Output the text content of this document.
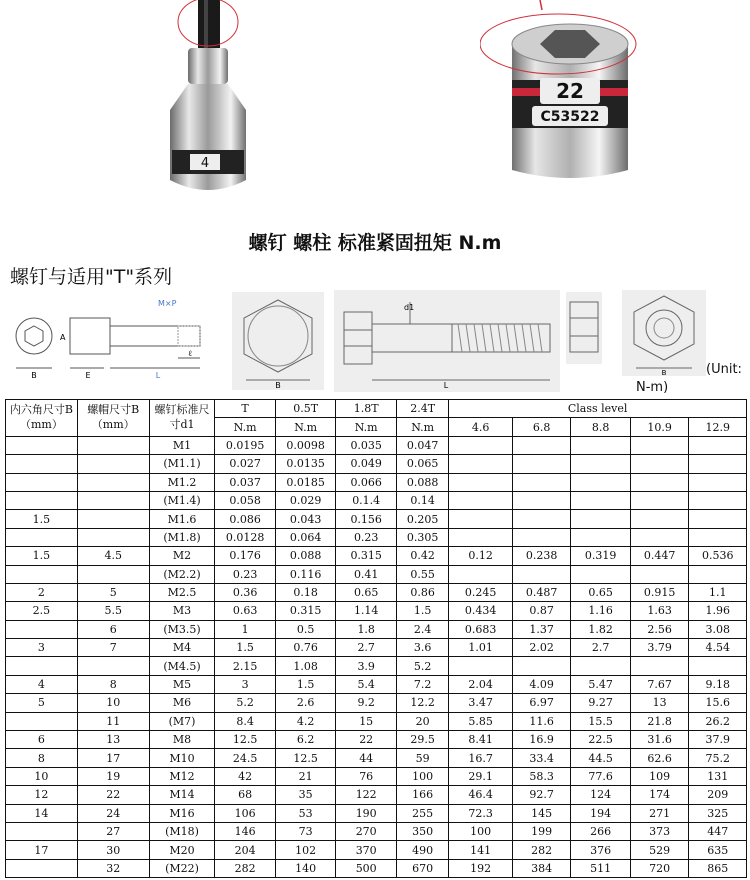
4
22
C53522
螺钉 螺柱 标准紧固扭矩 N.m
螺钉与适用"T"系列
B
A
M×P
E	L
ℓ
B
d1
L
B	(Unit:
N-m)
内六角尺寸B（mm）	螺帽尺寸B（mm）	螺钉标准尺寸d1	T	0.5T	1.8T	2.4T	Class level				
			N.m	N.m	N.m	N.m	4.6	6.8	8.8	10.9	12.9
		M1	0.0195	0.0098	0.035	0.047					
		(M1.1)	0.027	0.0135	0.049	0.065					
		M1.2	0.037	0.0185	0.066	0.088					
		(M1.4)	0.058	0.029	0.1.4	0.14					
1.5		M1.6	0.086	0.043	0.156	0.205					
		(M1.8)	0.0128	0.064	0.23	0.305					
1.5	4.5	M2	0.176	0.088	0.315	0.42	0.12	0.238	0.319	0.447	0.536
		(M2.2)	0.23	0.116	0.41	0.55					
2	5	M2.5	0.36	0.18	0.65	0.86	0.245	0.487	0.65	0.915	1.1
2.5	5.5	M3	0.63	0.315	1.14	1.5	0.434	0.87	1.16	1.63	1.96
	6	(M3.5)	1	0.5	1.8	2.4	0.683	1.37	1.82	2.56	3.08
3	7	M4	1.5	0.76	2.7	3.6	1.01	2.02	2.7	3.79	4.54
		(M4.5)	2.15	1.08	3.9	5.2					
4	8	M5	3	1.5	5.4	7.2	2.04	4.09	5.47	7.67	9.18
5	10	M6	5.2	2.6	9.2	12.2	3.47	6.97	9.27	13	15.6
	11	(M7)	8.4	4.2	15	20	5.85	11.6	15.5	21.8	26.2
6	13	M8	12.5	6.2	22	29.5	8.41	16.9	22.5	31.6	37.9
8	17	M10	24.5	12.5	44	59	16.7	33.4	44.5	62.6	75.2
10	19	M12	42	21	76	100	29.1	58.3	77.6	109	131
12	22	M14	68	35	122	166	46.4	92.7	124	174	209
14	24	M16	106	53	190	255	72.3	145	194	271	325
	27	(M18)	146	73	270	350	100	199	266	373	447
17	30	M20	204	102	370	490	141	282	376	529	635
	32	(M22)	282	140	500	670	192	384	511	720	865
